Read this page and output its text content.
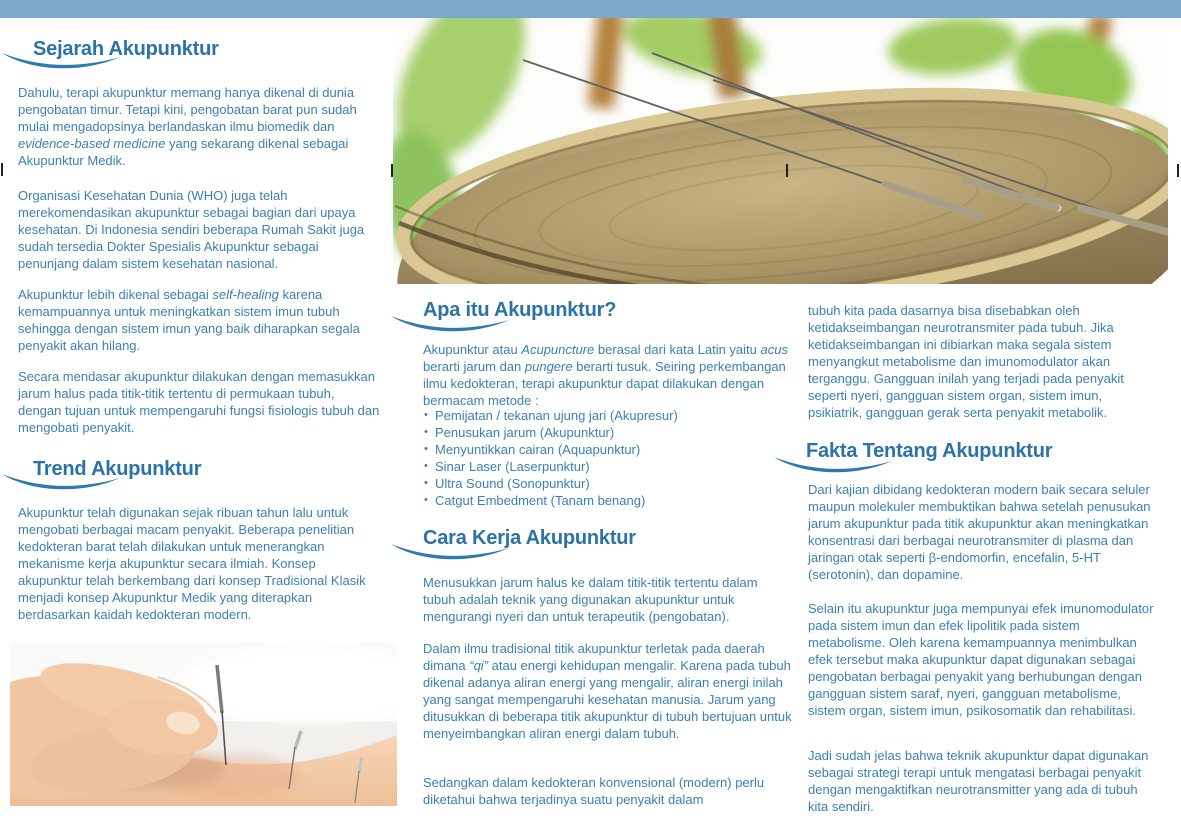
Sejarah Akupunktur
Dahulu, terapi akupunktur memang hanya dikenal di dunia pengobatan timur. Tetapi kini, pengobatan barat pun sudah mulai mengadopsinya berlandaskan ilmu biomedik dan evidence-based medicine yang sekarang dikenal sebagai Akupunktur Medik.
Organisasi Kesehatan Dunia (WHO) juga telah merekomendasikan akupunktur sebagai bagian dari upaya kesehatan. Di Indonesia sendiri beberapa Rumah Sakit juga sudah tersedia Dokter Spesialis Akupunktur sebagai penunjang dalam sistem kesehatan nasional.
Akupunktur lebih dikenal sebagai self-healing karena kemampuannya untuk meningkatkan sistem imun tubuh sehingga dengan sistem imun yang baik diharapkan segala penyakit akan hilang.
Secara mendasar akupunktur dilakukan dengan memasukkan jarum halus pada titik-titik tertentu di permukaan tubuh, dengan tujuan untuk mempengaruhi fungsi fisiologis tubuh dan mengobati penyakit.
Trend Akupunktur
Akupunktur telah digunakan sejak ribuan tahun lalu untuk mengobati berbagai macam penyakit. Beberapa penelitian kedokteran barat telah dilakukan untuk menerangkan mekanisme kerja akupunktur secara ilmiah. Konsep akupunktur telah berkembang dari konsep Tradisional Klasik menjadi konsep Akupunktur Medik yang diterapkan berdasarkan kaidah kedokteran modern.
Apa itu Akupunktur?
Akupunktur atau Acupuncture berasal dari kata Latin yaitu acus berarti jarum dan pungere berarti tusuk. Seiring perkembangan ilmu kedokteran, terapi akupunktur dapat dilakukan dengan bermacam metode :
• Pemijatan / tekanan ujung jari (Akupresur)
• Penusukan jarum (Akupunktur)
• Menyuntikkan cairan (Aquapunktur)
• Sinar Laser (Laserpunktur)
• Ultra Sound (Sonopunktur)
• Catgut Embedment (Tanam benang)
Cara Kerja Akupunktur
Menusukkan jarum halus ke dalam titik-titik tertentu dalam tubuh adalah teknik yang digunakan akupunktur untuk mengurangi nyeri dan untuk terapeutik (pengobatan).
Dalam ilmu tradisional titik akupunktur terletak pada daerah dimana “qi” atau energi kehidupan mengalir. Karena pada tubuh dikenal adanya aliran energi yang mengalir, aliran energi inilah yang sangat mempengaruhi kesehatan manusia. Jarum yang ditusukkan di beberapa titik akupunktur di tubuh bertujuan untuk menyeimbangkan aliran energi dalam tubuh.
Sedangkan dalam kedokteran konvensional (modern) perlu diketahui bahwa terjadinya suatu penyakit dalam
tubuh kita pada dasarnya bisa disebabkan oleh ketidakseimbangan neurotransmiter pada tubuh. Jika ketidakseimbangan ini dibiarkan maka segala sistem menyangkut metabolisme dan imunomodulator akan terganggu. Gangguan inilah yang terjadi pada penyakit seperti nyeri, gangguan sistem organ, sistem imun, psikiatrik, gangguan gerak serta penyakit metabolik.
Fakta Tentang Akupunktur
Dari kajian dibidang kedokteran modern baik secara seluler maupun molekuler membuktikan bahwa setelah penusukan jarum akupunktur pada titik akupunktur akan meningkatkan konsentrasi dari berbagai neurotransmiter di plasma dan jaringan otak seperti β-endomorfin, encefalin, 5-HT (serotonin), dan dopamine.
Selain itu akupunktur juga mempunyai efek imunomodulator pada sistem imun dan efek lipolitik pada sistem metabolisme. Oleh karena kemampuannya menimbulkan efek tersebut maka akupunktur dapat digunakan sebagai pengobatan berbagai penyakit yang berhubungan dengan gangguan sistem saraf, nyeri, gangguan metabolisme, sistem organ, sistem imun, psikosomatik dan rehabilitasi.
Jadi sudah jelas bahwa teknik akupunktur dapat digunakan sebagai strategi terapi untuk mengatasi berbagai penyakit dengan mengaktifkan neurotransmitter yang ada di tubuh kita sendiri.
